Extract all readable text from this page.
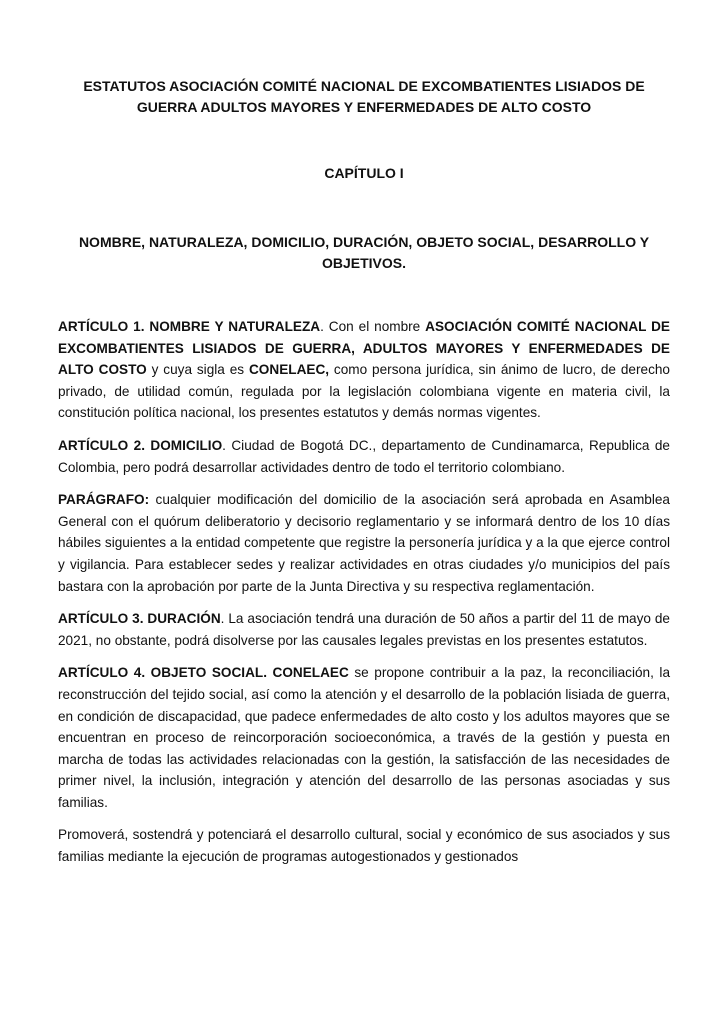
ESTATUTOS ASOCIACIÓN COMITÉ NACIONAL DE EXCOMBATIENTES LISIADOS DE GUERRA ADULTOS MAYORES Y ENFERMEDADES DE ALTO COSTO
CAPÍTULO I
NOMBRE, NATURALEZA, DOMICILIO, DURACIÓN, OBJETO SOCIAL, DESARROLLO Y OBJETIVOS.

ARTÍCULO 1. NOMBRE Y NATURALEZA. Con el nombre ASOCIACIÓN COMITÉ NACIONAL DE EXCOMBATIENTES LISIADOS DE GUERRA, ADULTOS MAYORES Y ENFERMEDADES DE ALTO COSTO y cuya sigla es CONELAEC, como persona jurídica, sin ánimo de lucro, de derecho privado, de utilidad común, regulada por la legislación colombiana vigente en materia civil, la constitución política nacional, los presentes estatutos y demás normas vigentes.

ARTÍCULO 2. DOMICILIO. Ciudad de Bogotá DC., departamento de Cundinamarca, Republica de Colombia, pero podrá desarrollar actividades dentro de todo el territorio colombiano.

PARÁGRAFO: cualquier modificación del domicilio de la asociación será aprobada en Asamblea General con el quórum deliberatorio y decisorio reglamentario y se informará dentro de los 10 días hábiles siguientes a la entidad competente que registre la personería jurídica y a la que ejerce control y vigilancia. Para establecer sedes y realizar actividades en otras ciudades y/o municipios del país bastara con la aprobación por parte de la Junta Directiva y su respectiva reglamentación.

ARTÍCULO 3. DURACIÓN. La asociación tendrá una duración de 50 años a partir del 11 de mayo de 2021, no obstante, podrá disolverse por las causales legales previstas en los presentes estatutos.

ARTÍCULO 4. OBJETO SOCIAL. CONELAEC se propone contribuir a la paz, la reconciliación, la reconstrucción del tejido social, así como la atención y el desarrollo de la población lisiada de guerra, en condición de discapacidad, que padece enfermedades de alto costo y los adultos mayores que se encuentran en proceso de reincorporación socioeconómica, a través de la gestión y puesta en marcha de todas las actividades relacionadas con la gestión, la satisfacción de las necesidades de primer nivel, la inclusión, integración y atención del desarrollo de las personas asociadas y sus familias.

Promoverá, sostendrá y potenciará el desarrollo cultural, social y económico de sus asociados y sus familias mediante la ejecución de programas autogestionados y gestionados
